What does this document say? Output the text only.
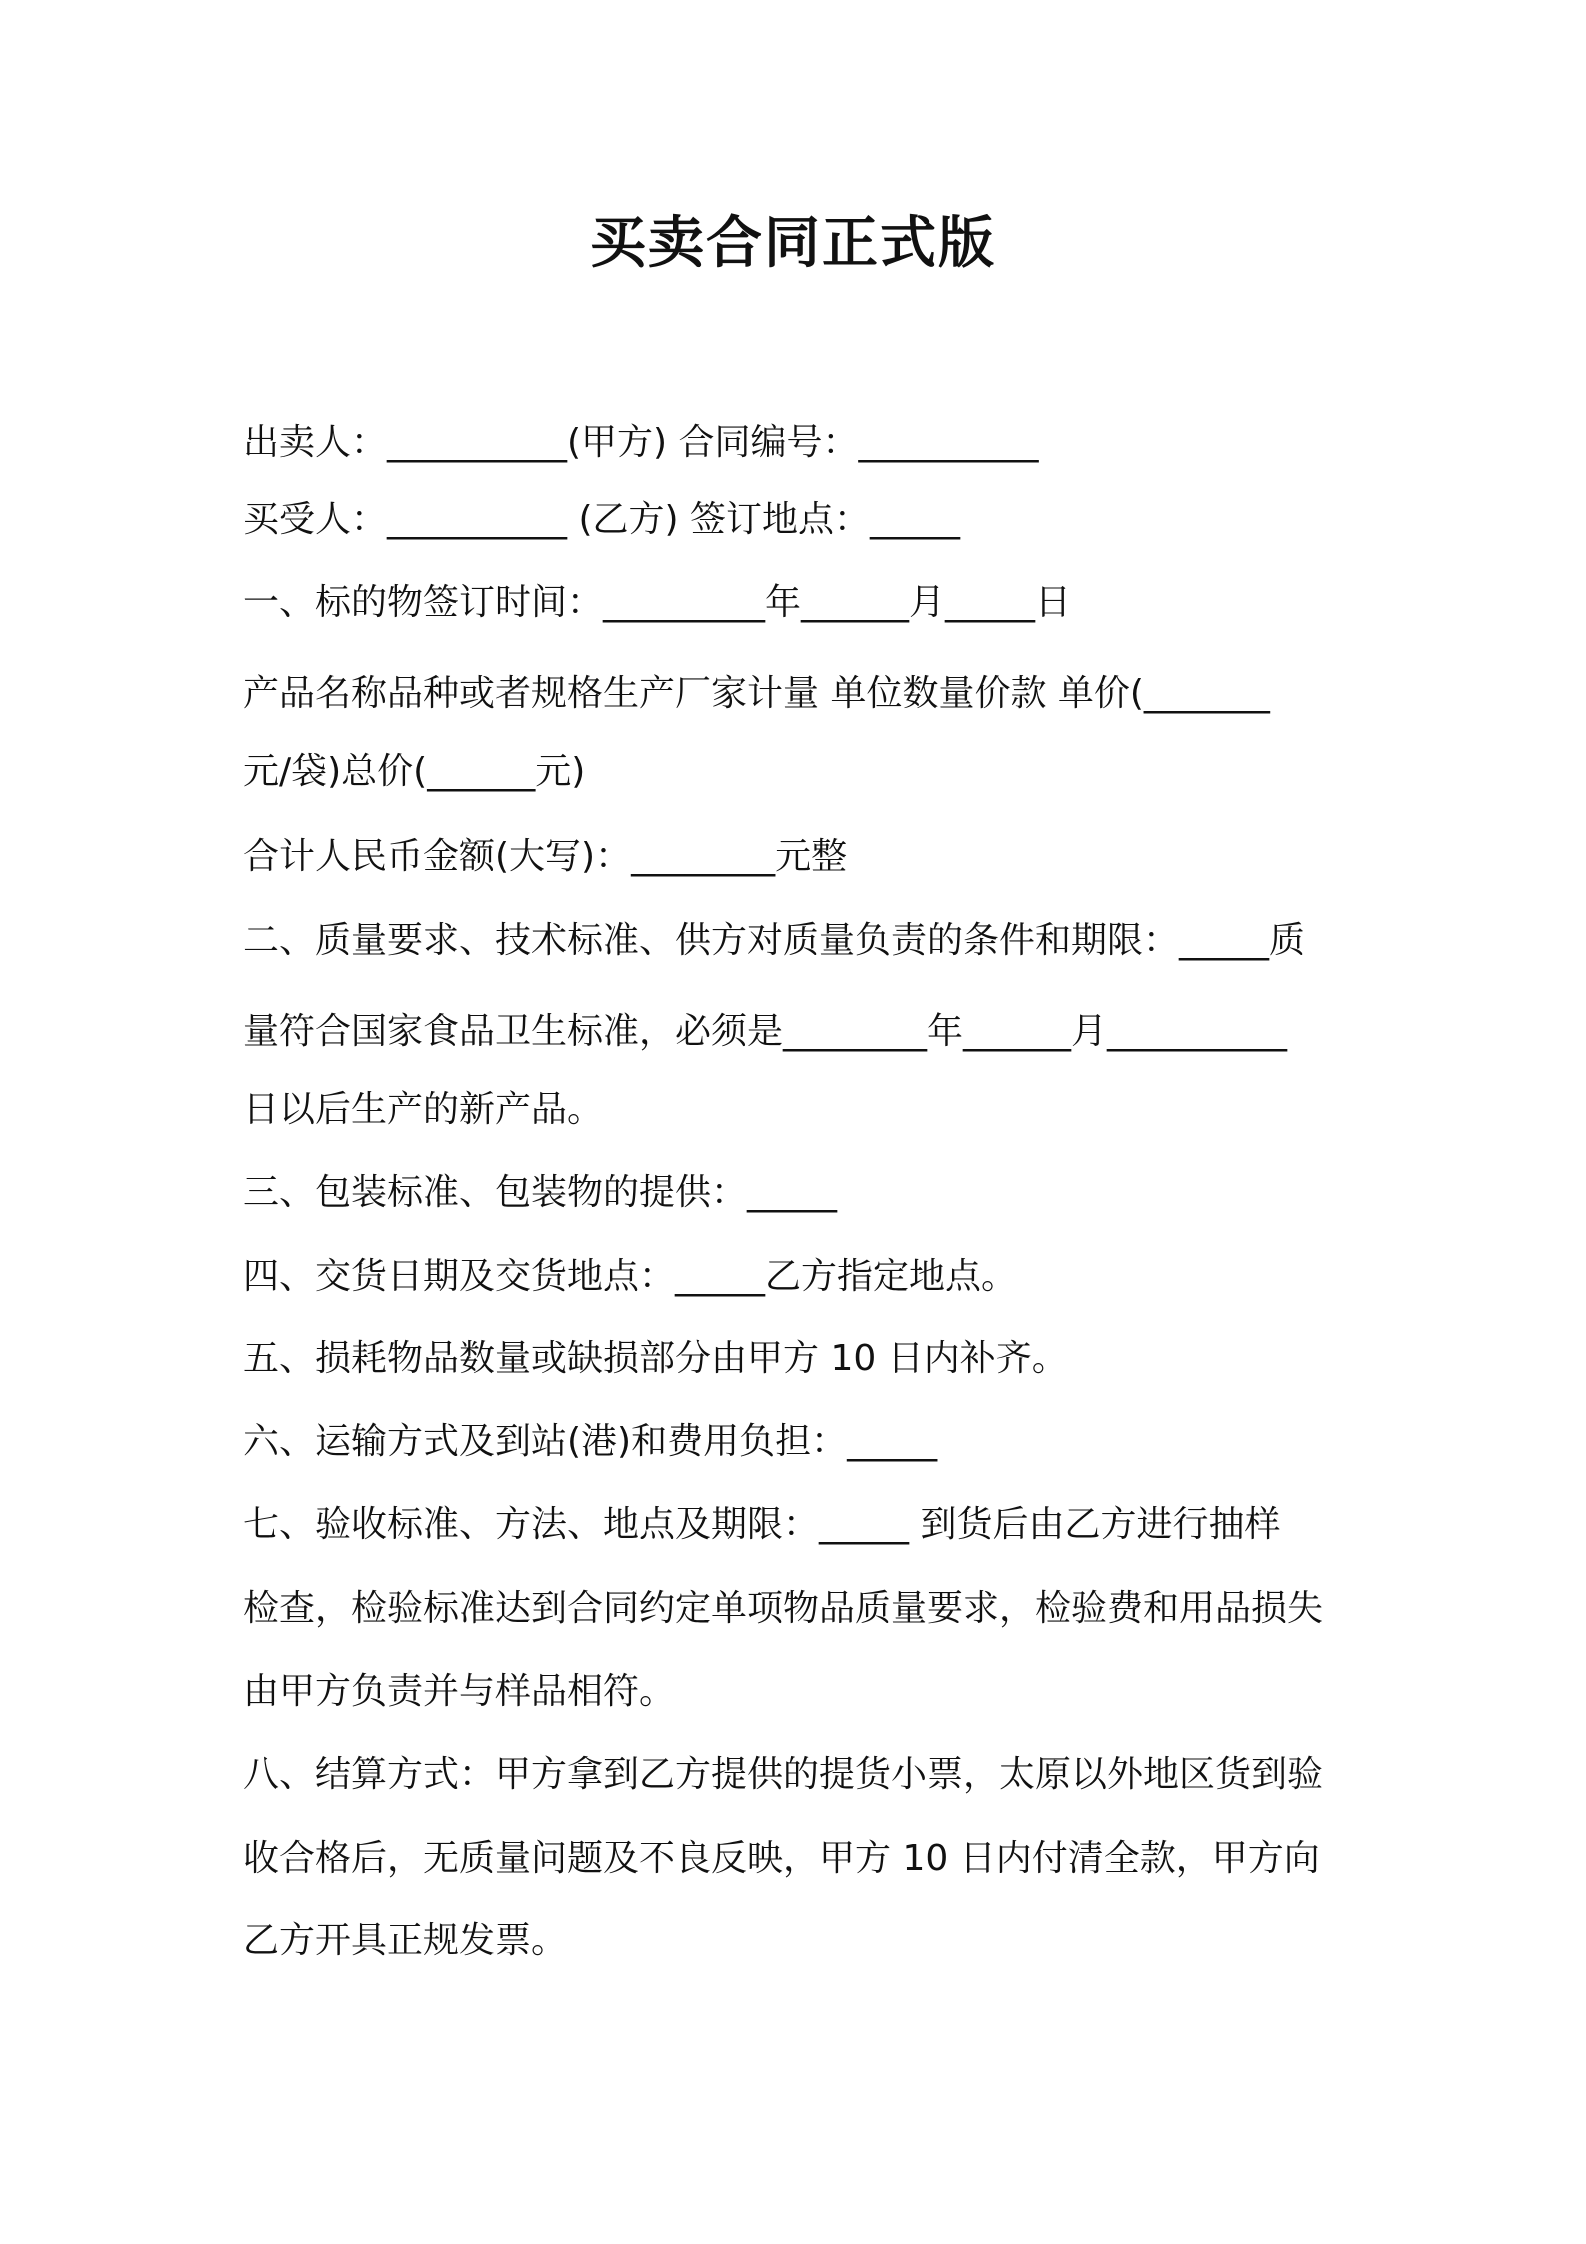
买卖合同正式版

出卖人：__________(甲方) 合同编号：__________

买受人：__________ (乙方) 签订地点：_____

一、标的物签订时间：_________年______月_____日

产品名称品种或者规格生产厂家计量 单位数量价款 单价(_______

元/袋)总价(______元)

合计人民币金额(大写)：________元整

二、质量要求、技术标准、供方对质量负责的条件和期限：_____质

量符合国家食品卫生标准，必须是________年______月__________

日以后生产的新产品。

三、包装标准、包装物的提供：_____

四、交货日期及交货地点：_____乙方指定地点。

五、损耗物品数量或缺损部分由甲方 10 日内补齐。

六、运输方式及到站(港)和费用负担：_____

七、验收标准、方法、地点及期限：_____ 到货后由乙方进行抽样

检查，检验标准达到合同约定单项物品质量要求，检验费和用品损失

由甲方负责并与样品相符。

八、结算方式：甲方拿到乙方提供的提货小票，太原以外地区货到验

收合格后，无质量问题及不良反映，甲方 10 日内付清全款，甲方向

乙方开具正规发票。
